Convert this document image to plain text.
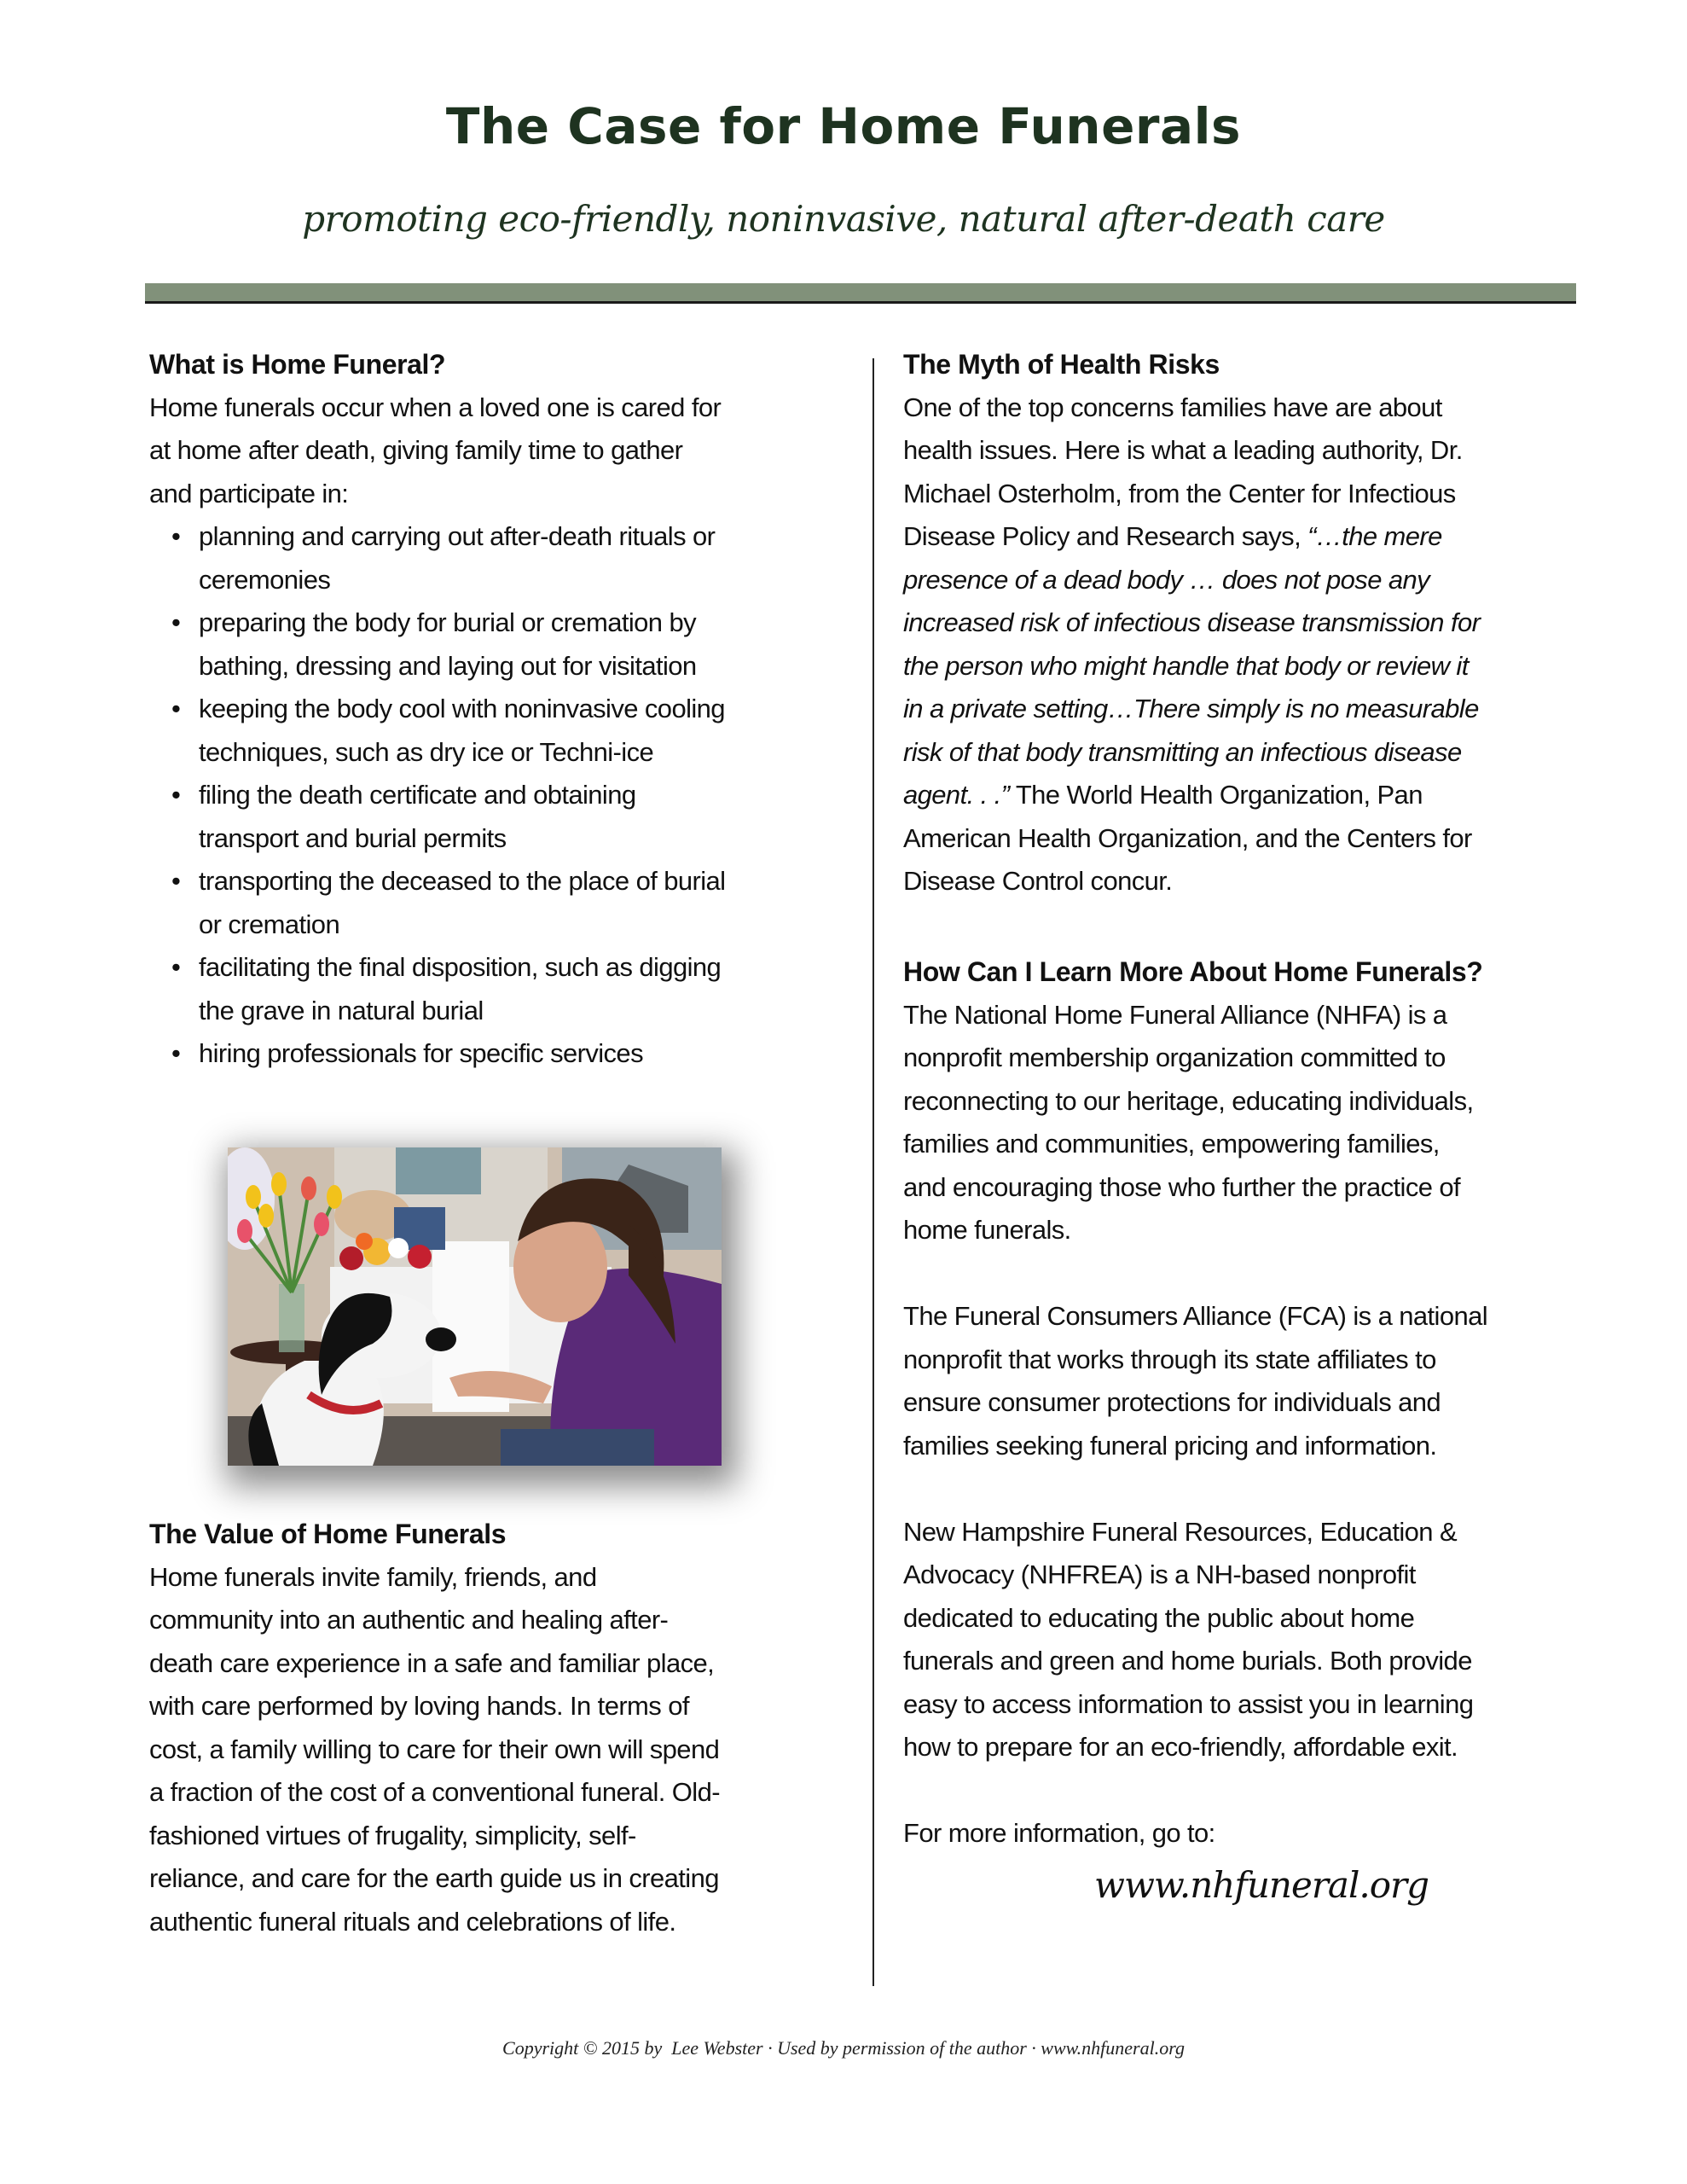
The Case for Home Funerals
promoting eco-friendly, noninvasive, natural after-death care
What is Home Funeral?
Home funerals occur when a loved one is cared for
at home after death, giving family time to gather
and participate in:
• planning and carrying out after-death rituals or
ceremonies
• preparing the body for burial or cremation by
bathing, dressing and laying out for visitation
• keeping the body cool with noninvasive cooling
techniques, such as dry ice or Techni-ice
• filing the death certificate and obtaining
transport and burial permits
• transporting the deceased to the place of burial
or cremation
• facilitating the final disposition, such as digging
the grave in natural burial
• hiring professionals for specific services
The Value of Home Funerals
Home funerals invite family, friends, and
community into an authentic and healing after-
death care experience in a safe and familiar place,
with care performed by loving hands. In terms of
cost, a family willing to care for their own will spend
a fraction of the cost of a conventional funeral. Old-
fashioned virtues of frugality, simplicity, self-
reliance, and care for the earth guide us in creating
authentic funeral rituals and celebrations of life.
The Myth of Health Risks
One of the top concerns families have are about
health issues. Here is what a leading authority, Dr.
Michael Osterholm, from the Center for Infectious
Disease Policy and Research says, “…the mere
presence of a dead body … does not pose any
increased risk of infectious disease transmission for
the person who might handle that body or review it
in a private setting…There simply is no measurable
risk of that body transmitting an infectious disease
agent. . .” The World Health Organization, Pan
American Health Organization, and the Centers for
Disease Control concur.
How Can I Learn More About Home Funerals?
The National Home Funeral Alliance (NHFA) is a
nonprofit membership organization committed to
reconnecting to our heritage, educating individuals,
families and communities, empowering families,
and encouraging those who further the practice of
home funerals.
The Funeral Consumers Alliance (FCA) is a national
nonprofit that works through its state affiliates to
ensure consumer protections for individuals and
families seeking funeral pricing and information.
New Hampshire Funeral Resources, Education &
Advocacy (NHFREA) is a NH-based nonprofit
dedicated to educating the public about home
funerals and green and home burials. Both provide
easy to access information to assist you in learning
how to prepare for an eco-friendly, affordable exit.
For more information, go to:
www.nhfuneral.org
Copyright © 2015 by  Lee Webster · Used by permission of the author · www.nhfuneral.org
